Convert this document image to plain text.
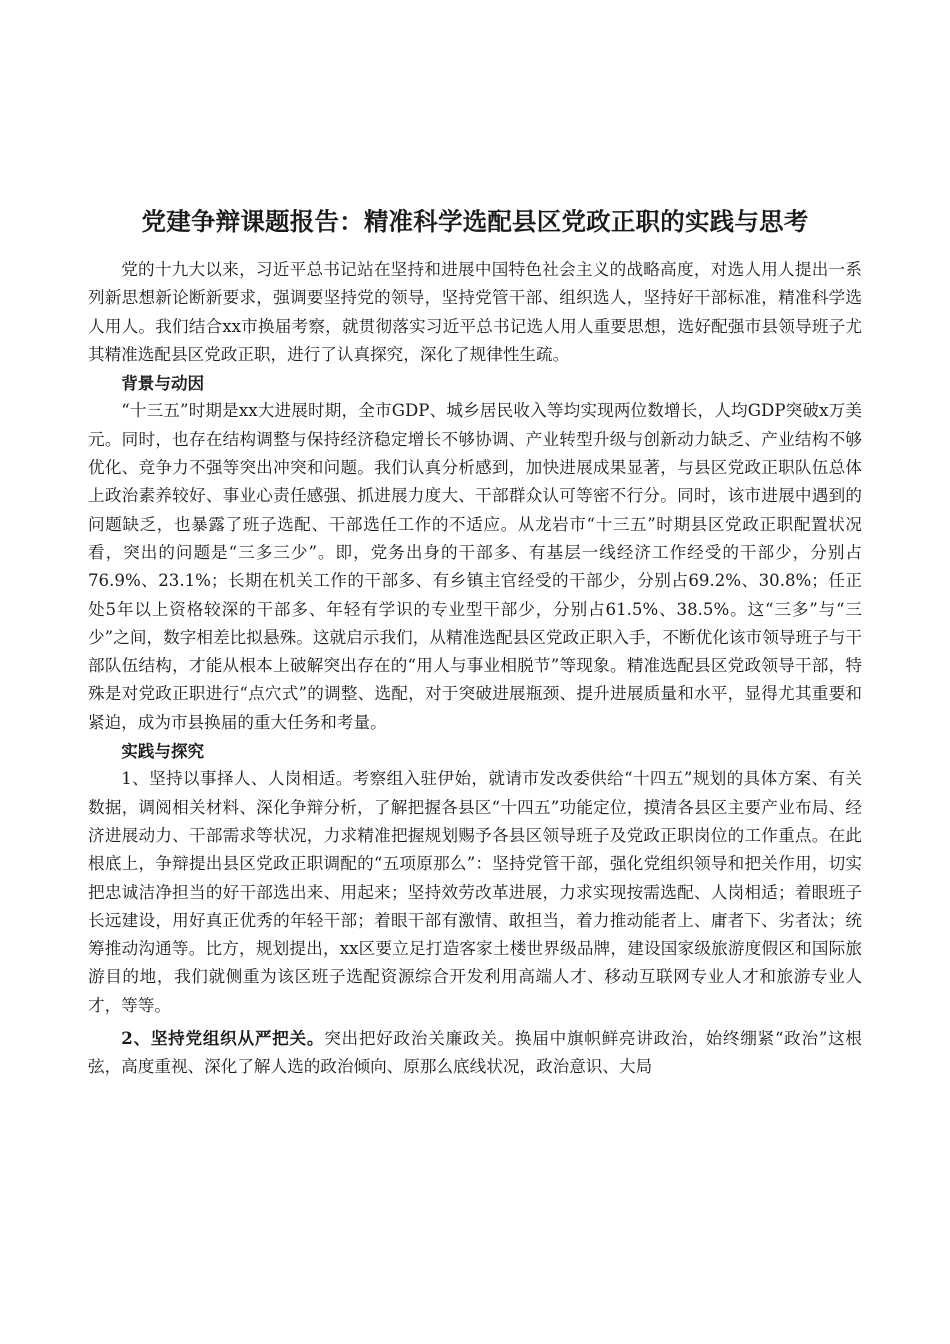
党建争辩课题报告：精准科学选配县区党政正职的实践与思考

党的十九大以来，习近平总书记站在坚持和进展中国特色社会主义的战略高度，对选人用人提出一系列新思想新论断新要求，强调要坚持党的领导，坚持党管干部、组织选人，坚持好干部标准，精准科学选人用人。我们结合xx市换届考察，就贯彻落实习近平总书记选人用人重要思想，选好配强市县领导班子尤其精准选配县区党政正职，进行了认真探究，深化了规律性生疏。

背景与动因

“十三五”时期是xx大进展时期，全市GDP、城乡居民收入等均实现两位数增长，人均GDP突破x万美元。同时，也存在结构调整与保持经济稳定增长不够协调、产业转型升级与创新动力缺乏、产业结构不够优化、竞争力不强等突出冲突和问题。我们认真分析感到，加快进展成果显著，与县区党政正职队伍总体上政治素养较好、事业心责任感强、抓进展力度大、干部群众认可等密不行分。同时，该市进展中遇到的问题缺乏，也暴露了班子选配、干部选任工作的不适应。从龙岩市“十三五”时期县区党政正职配置状况看，突出的问题是“三多三少”。即，党务出身的干部多、有基层一线经济工作经受的干部少，分别占76.9%、23.1%；长期在机关工作的干部多、有乡镇主官经受的干部少，分别占69.2%、30.8%；任正处5年以上资格较深的干部多、年轻有学识的专业型干部少，分别占61.5%、38.5%。这“三多”与“三少”之间，数字相差比拟悬殊。这就启示我们，从精准选配县区党政正职入手，不断优化该市领导班子与干部队伍结构，才能从根本上破解突出存在的“用人与事业相脱节”等现象。精准选配县区党政领导干部，特殊是对党政正职进行“点穴式”的调整、选配，对于突破进展瓶颈、提升进展质量和水平，显得尤其重要和紧迫，成为市县换届的重大任务和考量。

实践与探究

1、坚持以事择人、人岗相适。考察组入驻伊始，就请市发改委供给“十四五”规划的具体方案、有关数据，调阅相关材料、深化争辩分析，了解把握各县区“十四五”功能定位，摸清各县区主要产业布局、经济进展动力、干部需求等状况，力求精准把握规划赐予各县区领导班子及党政正职岗位的工作重点。在此根底上，争辩提出县区党政正职调配的“五项原那么”：坚持党管干部，强化党组织领导和把关作用，切实把忠诚洁净担当的好干部选出来、用起来；坚持效劳改革进展，力求实现按需选配、人岗相适；着眼班子长远建设，用好真正优秀的年轻干部；着眼干部有激情、敢担当，着力推动能者上、庸者下、劣者汰；统筹推动沟通等。比方，规划提出，xx区要立足打造客家土楼世界级品牌，建设国家级旅游度假区和国际旅游目的地，我们就侧重为该区班子选配资源综合开发利用高端人才、移动互联网专业人才和旅游专业人才，等等。

2、坚持党组织从严把关。突出把好政治关廉政关。换届中旗帜鲜亮讲政治，始终绷紧“政治”这根弦，高度重视、深化了解人选的政治倾向、原那么底线状况，政治意识、大局
